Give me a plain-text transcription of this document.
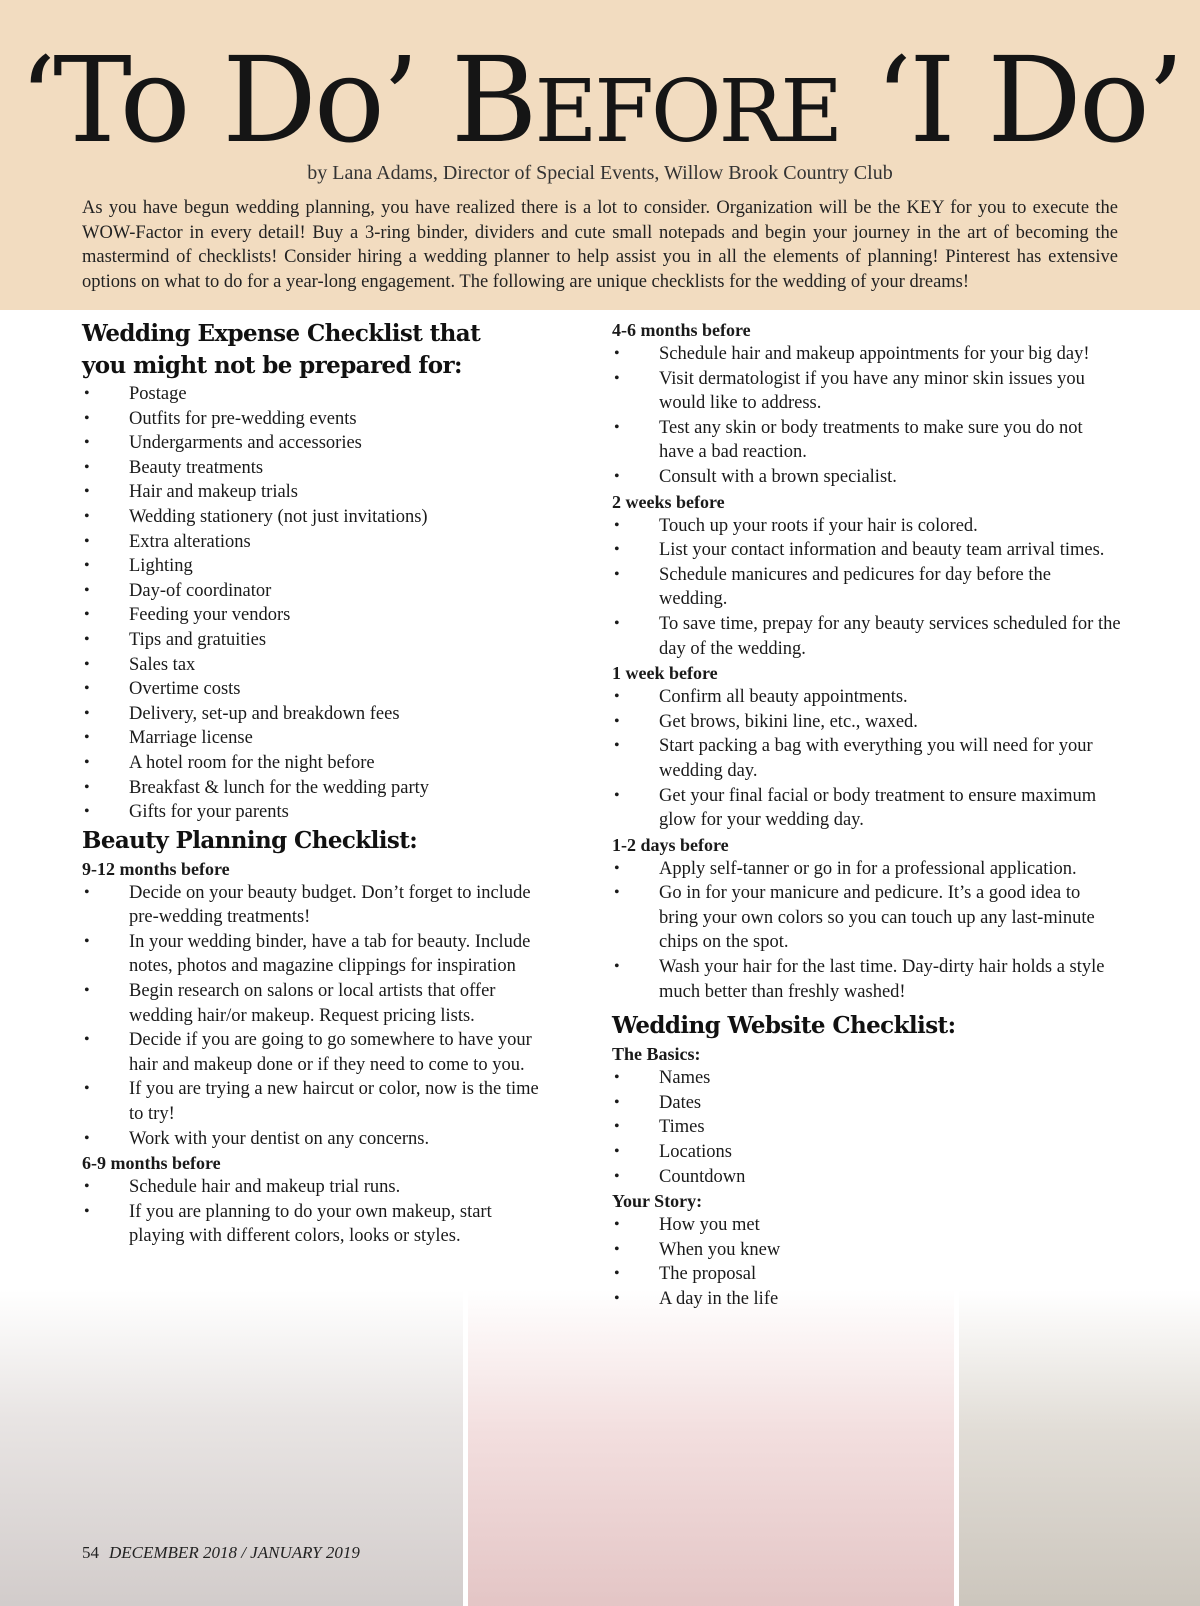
‘To Do’ BEFORE ‘I Do’
by Lana Adams, Director of Special Events, Willow Brook Country Club

As you have begun wedding planning, you have realized there is a lot to consider. Organization will be the KEY for you to execute the WOW-Factor in every detail! Buy a 3-ring binder, dividers and cute small notepads and begin your journey in the art of becoming the mastermind of checklists! Consider hiring a wedding planner to help assist you in all the elements of planning! Pinterest has extensive options on what to do for a year-long engagement. The following are unique checklists for the wedding of your dreams!

Wedding Expense Checklist that
you might not be prepared for:
• Postage
• Outfits for pre-wedding events
• Undergarments and accessories
• Beauty treatments
• Hair and makeup trials
• Wedding stationery (not just invitations)
• Extra alterations
• Lighting
• Day-of coordinator
• Feeding your vendors
• Tips and gratuities
• Sales tax
• Overtime costs
• Delivery, set-up and breakdown fees
• Marriage license
• A hotel room for the night before
• Breakfast & lunch for the wedding party
• Gifts for your parents
Beauty Planning Checklist:
9-12 months before
• Decide on your beauty budget. Don’t forget to include pre-wedding treatments!
• In your wedding binder, have a tab for beauty. Include notes, photos and magazine clippings for inspiration
• Begin research on salons or local artists that offer wedding hair/or makeup. Request pricing lists.
• Decide if you are going to go somewhere to have your hair and makeup done or if they need to come to you.
• If you are trying a new haircut or color, now is the time to try!
• Work with your dentist on any concerns.
6-9 months before
• Schedule hair and makeup trial runs.
• If you are planning to do your own makeup, start playing with different colors, looks or styles.
4-6 months before
• Schedule hair and makeup appointments for your big day!
• Visit dermatologist if you have any minor skin issues you would like to address.
• Test any skin or body treatments to make sure you do not have a bad reaction.
• Consult with a brown specialist.
2 weeks before
• Touch up your roots if your hair is colored.
• List your contact information and beauty team arrival times.
• Schedule manicures and pedicures for day before the wedding.
• To save time, prepay for any beauty services scheduled for the day of the wedding.
1 week before
• Confirm all beauty appointments.
• Get brows, bikini line, etc., waxed.
• Start packing a bag with everything you will need for your wedding day.
• Get your final facial or body treatment to ensure maximum glow for your wedding day.
1-2 days before
• Apply self-tanner or go in for a professional application.
• Go in for your manicure and pedicure. It’s a good idea to bring your own colors so you can touch up any last-minute chips on the spot.
• Wash your hair for the last time. Day-dirty hair holds a style much better than freshly washed!
Wedding Website Checklist:
The Basics:
• Names
• Dates
• Times
• Locations
• Countdown
Your Story:
• How you met
• When you knew
• The proposal
• A day in the life
54 DECEMBER 2018 / JANUARY 2019
